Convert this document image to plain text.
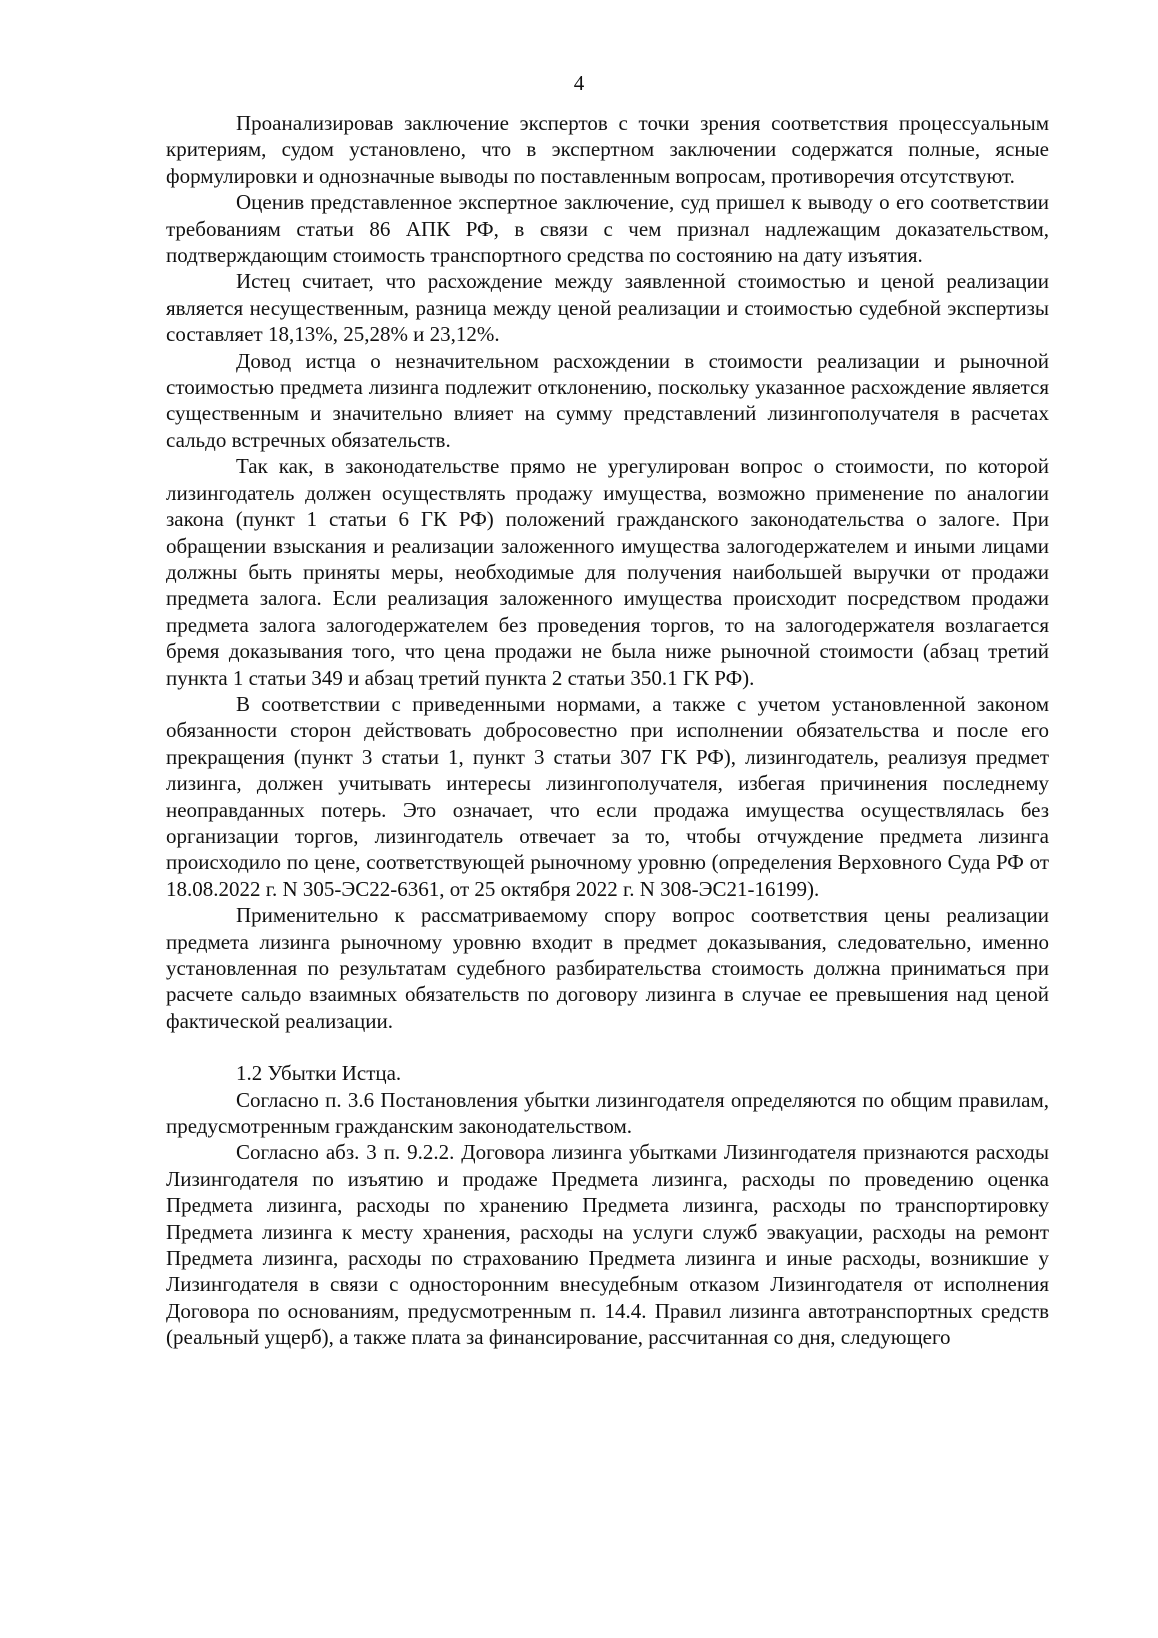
4

Проанализировав заключение экспертов с точки зрения соответствия процессуальным критериям, судом установлено, что в экспертном заключении содержатся полные, ясные формулировки и однозначные выводы по поставленным вопросам, противоречия отсутствуют.

Оценив представленное экспертное заключение, суд пришел к выводу о его соответствии требованиям статьи 86 АПК РФ, в связи с чем признал надлежащим доказательством, подтверждающим стоимость транспортного средства по состоянию на дату изъятия.

Истец считает, что расхождение между заявленной стоимостью и ценой реализации является несущественным, разница между ценой реализации и стоимостью судебной экспертизы составляет 18,13%, 25,28% и 23,12%.

Довод истца о незначительном расхождении в стоимости реализации и рыночной стоимостью предмета лизинга подлежит отклонению, поскольку указанное расхождение является существенным и значительно влияет на сумму представлений лизингополучателя в расчетах сальдо встречных обязательств.

Так как, в законодательстве прямо не урегулирован вопрос о стоимости, по которой лизингодатель должен осуществлять продажу имущества, возможно применение по аналогии закона (пункт 1 статьи 6 ГК РФ) положений гражданского законодательства о залоге. При обращении взыскания и реализации заложенного имущества залогодержателем и иными лицами должны быть приняты меры, необходимые для получения наибольшей выручки от продажи предмета залога. Если реализация заложенного имущества происходит посредством продажи предмета залога залогодержателем без проведения торгов, то на залогодержателя возлагается бремя доказывания того, что цена продажи не была ниже рыночной стоимости (абзац третий пункта 1 статьи 349 и абзац третий пункта 2 статьи 350.1 ГК РФ).

В соответствии с приведенными нормами, а также с учетом установленной законом обязанности сторон действовать добросовестно при исполнении обязательства и после его прекращения (пункт 3 статьи 1, пункт 3 статьи 307 ГК РФ), лизингодатель, реализуя предмет лизинга, должен учитывать интересы лизингополучателя, избегая причинения последнему неоправданных потерь. Это означает, что если продажа имущества осуществлялась без организации торгов, лизингодатель отвечает за то, чтобы отчуждение предмета лизинга происходило по цене, соответствующей рыночному уровню (определения Верховного Суда РФ от 18.08.2022 г. N 305-ЭС22-6361, от 25 октября 2022 г. N 308-ЭС21-16199).

Применительно к рассматриваемому спору вопрос соответствия цены реализации предмета лизинга рыночному уровню входит в предмет доказывания, следовательно, именно установленная по результатам судебного разбирательства стоимость должна приниматься при расчете сальдо взаимных обязательств по договору лизинга в случае ее превышения над ценой фактической реализации.

1.2 Убытки Истца.

Согласно п. 3.6 Постановления убытки лизингодателя определяются по общим правилам, предусмотренным гражданским законодательством.

Согласно абз. 3 п. 9.2.2. Договора лизинга убытками Лизингодателя признаются расходы Лизингодателя по изъятию и продаже Предмета лизинга, расходы по проведению оценка Предмета лизинга, расходы по хранению Предмета лизинга, расходы по транспортировку Предмета лизинга к месту хранения, расходы на услуги служб эвакуации, расходы на ремонт Предмета лизинга, расходы по страхованию Предмета лизинга и иные расходы, возникшие у Лизингодателя в связи с односторонним внесудебным отказом Лизингодателя от исполнения Договора по основаниям, предусмотренным п. 14.4. Правил лизинга автотранспортных средств (реальный ущерб), а также плата за финансирование, рассчитанная со дня, следующего
